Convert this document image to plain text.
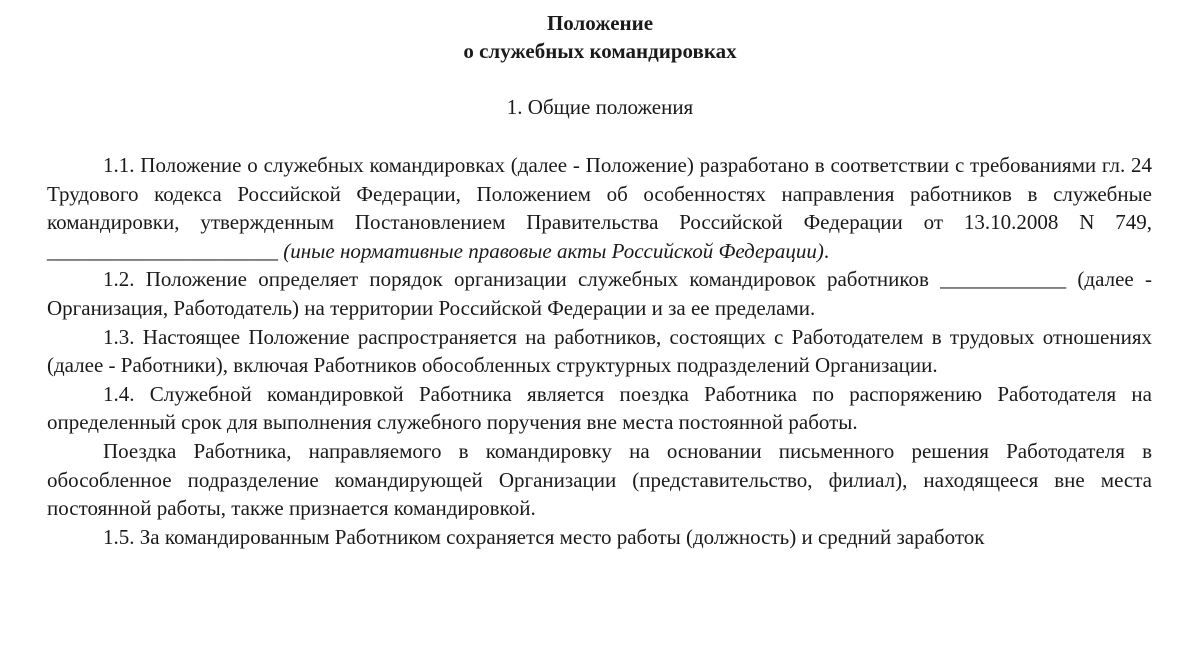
Положение
о служебных командировках
1. Общие положения

1.1. Положение о служебных командировках (далее - Положение) разработано в соответствии с требованиями гл. 24 Трудового кодекса Российской Федерации, Положением об особенностях направления работников в служебные командировки, утвержденным Постановлением Правительства Российской Федерации от 13.10.2008 N 749, ______________________ (иные нормативные правовые акты Российской Федерации).

1.2. Положение определяет порядок организации служебных командировок работников ____________ (далее - Организация, Работодатель) на территории Российской Федерации и за ее пределами.

1.3. Настоящее Положение распространяется на работников, состоящих с Работодателем в трудовых отношениях (далее - Работники), включая Работников обособленных структурных подразделений Организации.

1.4. Служебной командировкой Работника является поездка Работника по распоряжению Работодателя на определенный срок для выполнения служебного поручения вне места постоянной работы.

Поездка Работника, направляемого в командировку на основании письменного решения Работодателя в обособленное подразделение командирующей Организации (представительство, филиал), находящееся вне места постоянной работы, также признается командировкой.

1.5. За командированным Работником сохраняется место работы (должность) и средний заработок
